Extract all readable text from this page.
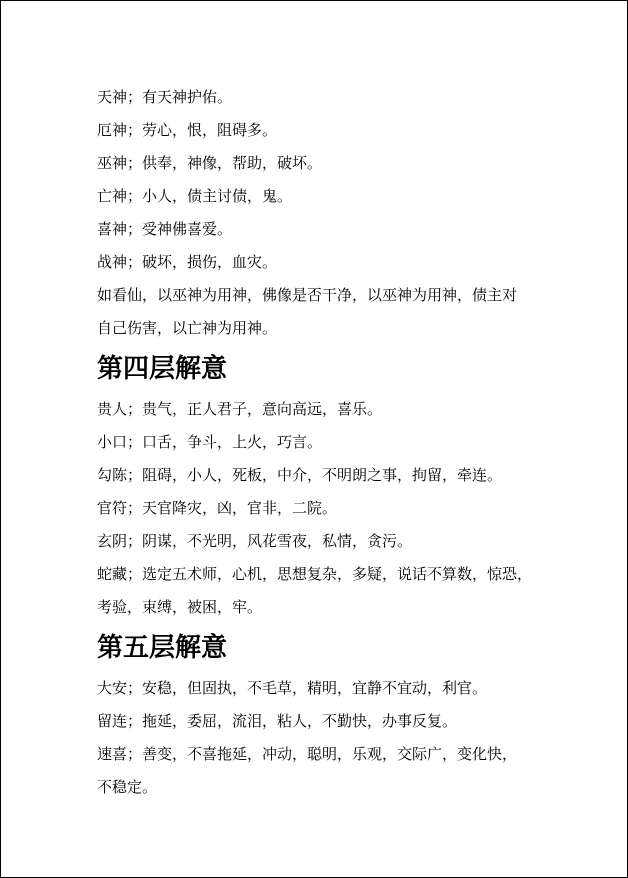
天神；有天神护佑。

厄神；劳心，恨，阻碍多。

巫神；供奉，神像，帮助，破坏。

亡神；小人，债主讨债，鬼。

喜神；受神佛喜爱。

战神；破坏，损伤，血灾。

如看仙，以巫神为用神，佛像是否干净，以巫神为用神，债主对

自己伤害，以亡神为用神。

第四层解意

贵人；贵气，正人君子，意向高远，喜乐。

小口；口舌，争斗，上火，巧言。

勾陈；阻碍，小人，死板，中介，不明朗之事，拘留，牵连。

官符；天官降灾，凶，官非，二院。

玄阴；阴谋，不光明，风花雪夜，私情，贪污。

蛇藏；选定五术师，心机，思想复杂，多疑，说话不算数，惊恐，

考验，束缚，被困，牢。

第五层解意

大安；安稳，但固执，不毛草，精明，宜静不宜动，利官。

留连；拖延，委屈，流泪，粘人，不勤快，办事反复。

速喜；善变，不喜拖延，冲动，聪明，乐观，交际广，变化快，

不稳定。
